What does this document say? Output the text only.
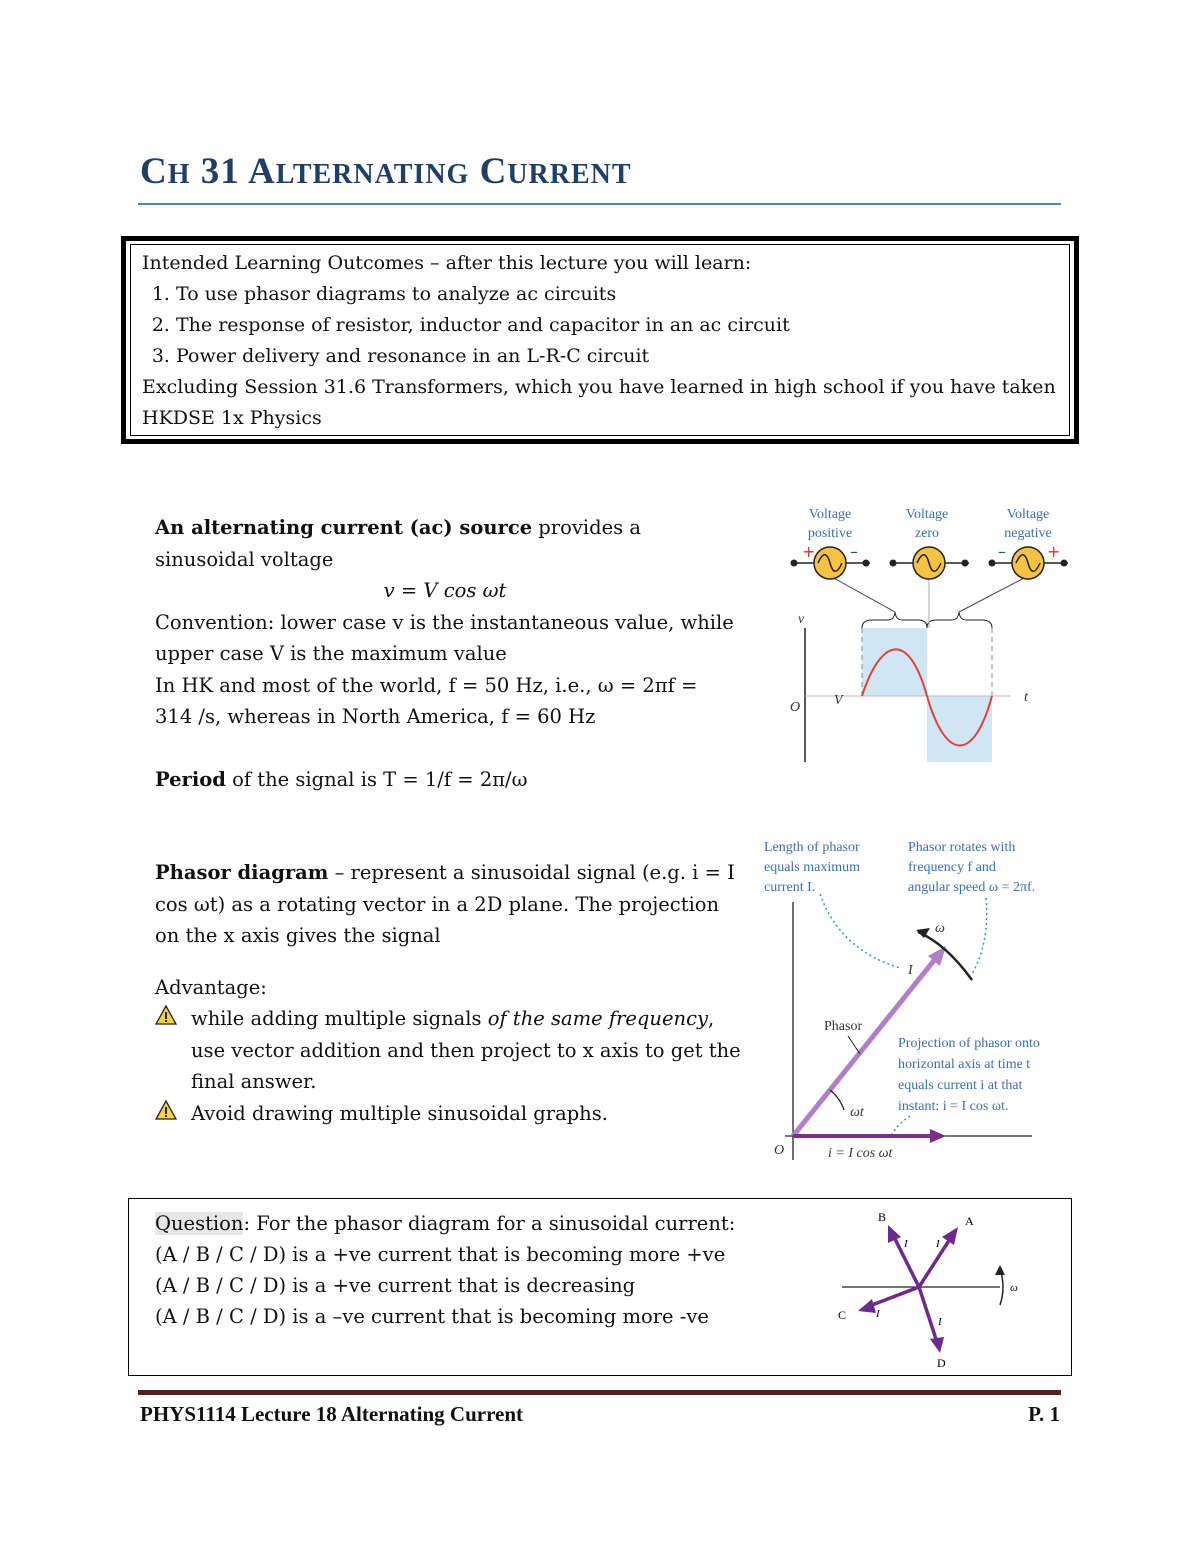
CH 31 ALTERNATING CURRENT
Intended Learning Outcomes – after this lecture you will learn:
1. To use phasor diagrams to analyze ac circuits
2. The response of resistor, inductor and capacitor in an ac circuit
3. Power delivery and resonance in an L-R-C circuit
Excluding Session 31.6 Transformers, which you have learned in high school if you have taken HKDSE 1x Physics
An alternating current (ac) source provides a sinusoidal voltage
v = V cos ωt
Convention: lower case v is the instantaneous value, while upper case V is the maximum value
In HK and most of the world, f = 50 Hz, i.e., ω = 2πf = 314 /s, whereas in North America, f = 60 Hz
Period of the signal is T = 1/f = 2π/ω
v
O
t
V
Voltage
positive
Voltage
zero
Voltage
negative
+ –	–	+
Phasor diagram – represent a sinusoidal signal (e.g. i = I cos ωt) as a rotating vector in a 2D plane. The projection on the x axis gives the signal
Advantage:
while adding multiple signals of the same frequency, use vector addition and then project to x axis to get the final answer.
Avoid drawing multiple sinusoidal graphs.
Length of phasor
equals maximum
current I.
Phasor rotates with
frequency f and
angular speed ω = 2πf.
ω
I
Phasor
ωt
Projection of phasor onto
horizontal axis at time t
equals current i at that
instant: i = I cos ωt.
O	i = I cos ωt
Question: For the phasor diagram for a sinusoidal current:
(A / B / C / D) is a +ve current that is becoming more +ve
(A / B / C / D) is a +ve current that is decreasing
(A / B / C / D) is a –ve current that is becoming more -ve
A
B
C
D
I
I
I
I
ω
PHYS1114 Lecture 18 Alternating Current	P. 1
